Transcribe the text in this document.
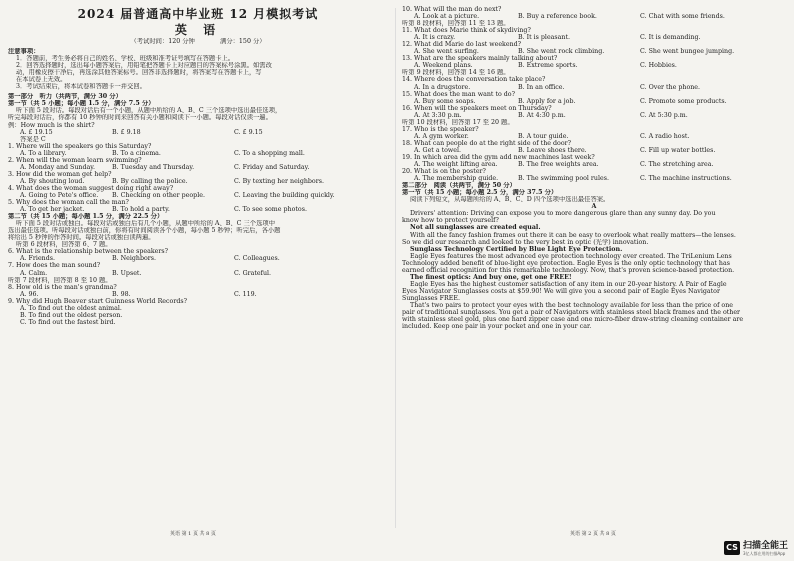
2024 届普通高中毕业班 12 月模拟考试
英 语
（考试时间：120 分钟　　　　满分：150 分）
注意事项：
1．答题前，考生务必将自己的姓名、学校、班级和准考证号填写在答题卡上。
2．回答选择题时，选出每小题答案后，用铅笔把答题卡上对应题目的答案标号涂黑。如需改
动，用橡皮擦干净后，再选涂其他答案标号。回答非选择题时，将答案写在答题卡上，写
在本试卷上无效。
3．考试结束后，将本试卷和答题卡一并交回。
第一部分　听力（共两节，满分 30 分）
第一节（共 5 小题；每小题 1.5 分，满分 7.5 分）
听下面 5 段对话。每段对话后有一个小题，从题中所给的 A、B、C 三个选项中选出最佳选项，
听完每段对话后，你都有 10 秒钟的时间来回答有关小题和阅读下一小题。每段对话仅读一遍。
例：How much is the shirt?
A. £ 19.15	B. £ 9.18	C. £ 9.15
答案是 C
1. Where will the speakers go this Saturday?
A. To a library.	B. To a cinema.	C. To a shopping mall.
2. When will the woman learn swimming?
A. Monday and Sunday.	B. Tuesday and Thursday.	C. Friday and Saturday.
3. How did the woman get help?
A. By shouting loud.	B. By calling the police.	C. By texting her neighbors.
4. What does the woman suggest doing right away?
A. Going to Pete's office.	B. Checking on other people.	C. Leaving the building quickly.
5. Why does the woman call the man?
A. To get her jacket.	B. To hold a party.	C. To see some photos.
第二节（共 15 小题；每小题 1.5 分，满分 22.5 分）
听下面 5 段对话或独白。每段对话或独白后有几个小题，从题中所给的 A、B、C 三个选项中
选出最佳选项。听每段对话或独白前，你将有时间阅读各个小题，每小题 5 秒钟；听完后，各小题
将给出 5 秒钟的作答时间。每段对话或独白读两遍。
听第 6 段材料，回答第 6、7 题。
6. What is the relationship between the speakers?
A. Friends.	B. Neighbors.	C. Colleagues.
7. How does the man sound?
A. Calm.	B. Upset.	C. Grateful.
听第 7 段材料，回答第 8 至 10 题。
8. How old is the man's grandma?
A. 96.	B. 98.	C. 119.
9. Why did Hugh Beaver start Guinness World Records?
A. To find out the oldest animal.
B. To find out the oldest person.
C. To find out the fastest bird.
10. What will the man do next?
A. Look at a picture.	B. Buy a reference book.	C. Chat with some friends.
听第 8 段材料，回答第 11 至 13 题。
11. What does Marie think of skydiving?
A. It is crazy.	B. It is pleasant.	C. It is demanding.
12. What did Marie do last weekend?
A. She went surfing.	B. She went rock climbing.	C. She went bungee jumping.
13. What are the speakers mainly talking about?
A. Weekend plans.	B. Extreme sports.	C. Hobbies.
听第 9 段材料，回答第 14 至 16 题。
14. Where does the conversation take place?
A. In a drugstore.	B. In an office.	C. Over the phone.
15. What does the man want to do?
A. Buy some soaps.	B. Apply for a job.	C. Promote some products.
16. When will the speakers meet on Thursday?
A. At 3:30 p.m.	B. At 4:30 p.m.	C. At 5:30 p.m.
听第 10 段材料，回答第 17 至 20 题。
17. Who is the speaker?
A. A gym worker.	B. A tour guide.	C. A radio host.
18. What can people do at the right side of the door?
A. Get a towel.	B. Leave shoes there.	C. Fill up water bottles.
19. In which area did the gym add new machines last week?
A. The weight lifting area.	B. The free weights area.	C. The stretching area.
20. What is on the poster?
A. The membership guide.	B. The swimming pool rules.	C. The machine instructions.
第二部分　阅读（共两节，满分 50 分）
第一节（共 15 小题；每小题 2.5 分，满分 37.5 分）
阅读下列短文，从每题所给的 A、B、C、D 四个选项中选出最佳答案。
A
Drivers' attention: Driving can expose you to more dangerous glare than any sunny day. Do you
know how to protect yourself?
Not all sunglasses are created equal.
With all the fancy fashion frames out there it can be easy to overlook what really matters—the lenses.
So we did our research and looked to the very best in optic (光学) innovation.
Sunglass Technology Certified by Blue Light Eye Protection.
Eagle Eyes features the most advanced eye protection technology ever created. The TriLenium Lens
Technology added benefit of blue-light eye protection. Eagle Eyes is the only optic technology that has
earned official recognition for this remarkable technology. Now, that's proven science-based protection.
The finest optics: And buy one, get one FREE!
Eagle Eyes has the highest customer satisfaction of any item in our 20-year history. A Pair of Eagle
Eyes Navigator Sunglasses costs at $59.90! We will give you a second pair of Eagle Eyes Navigator
Sunglasses FREE.
That's two pairs to protect your eyes with the best technology available for less than the price of one
pair of traditional sunglasses. You get a pair of Navigators with stainless steel black frames and the other
with stainless steel gold, plus one hard zipper case and one micro-fiber draw-string cleaning container are
included. Keep one pair in your pocket and one in your car.
英语 第 1 页 共 8 页	英语 第 2 页 共 8 页
CS 扫描全能王
3亿人都在用的扫描App
